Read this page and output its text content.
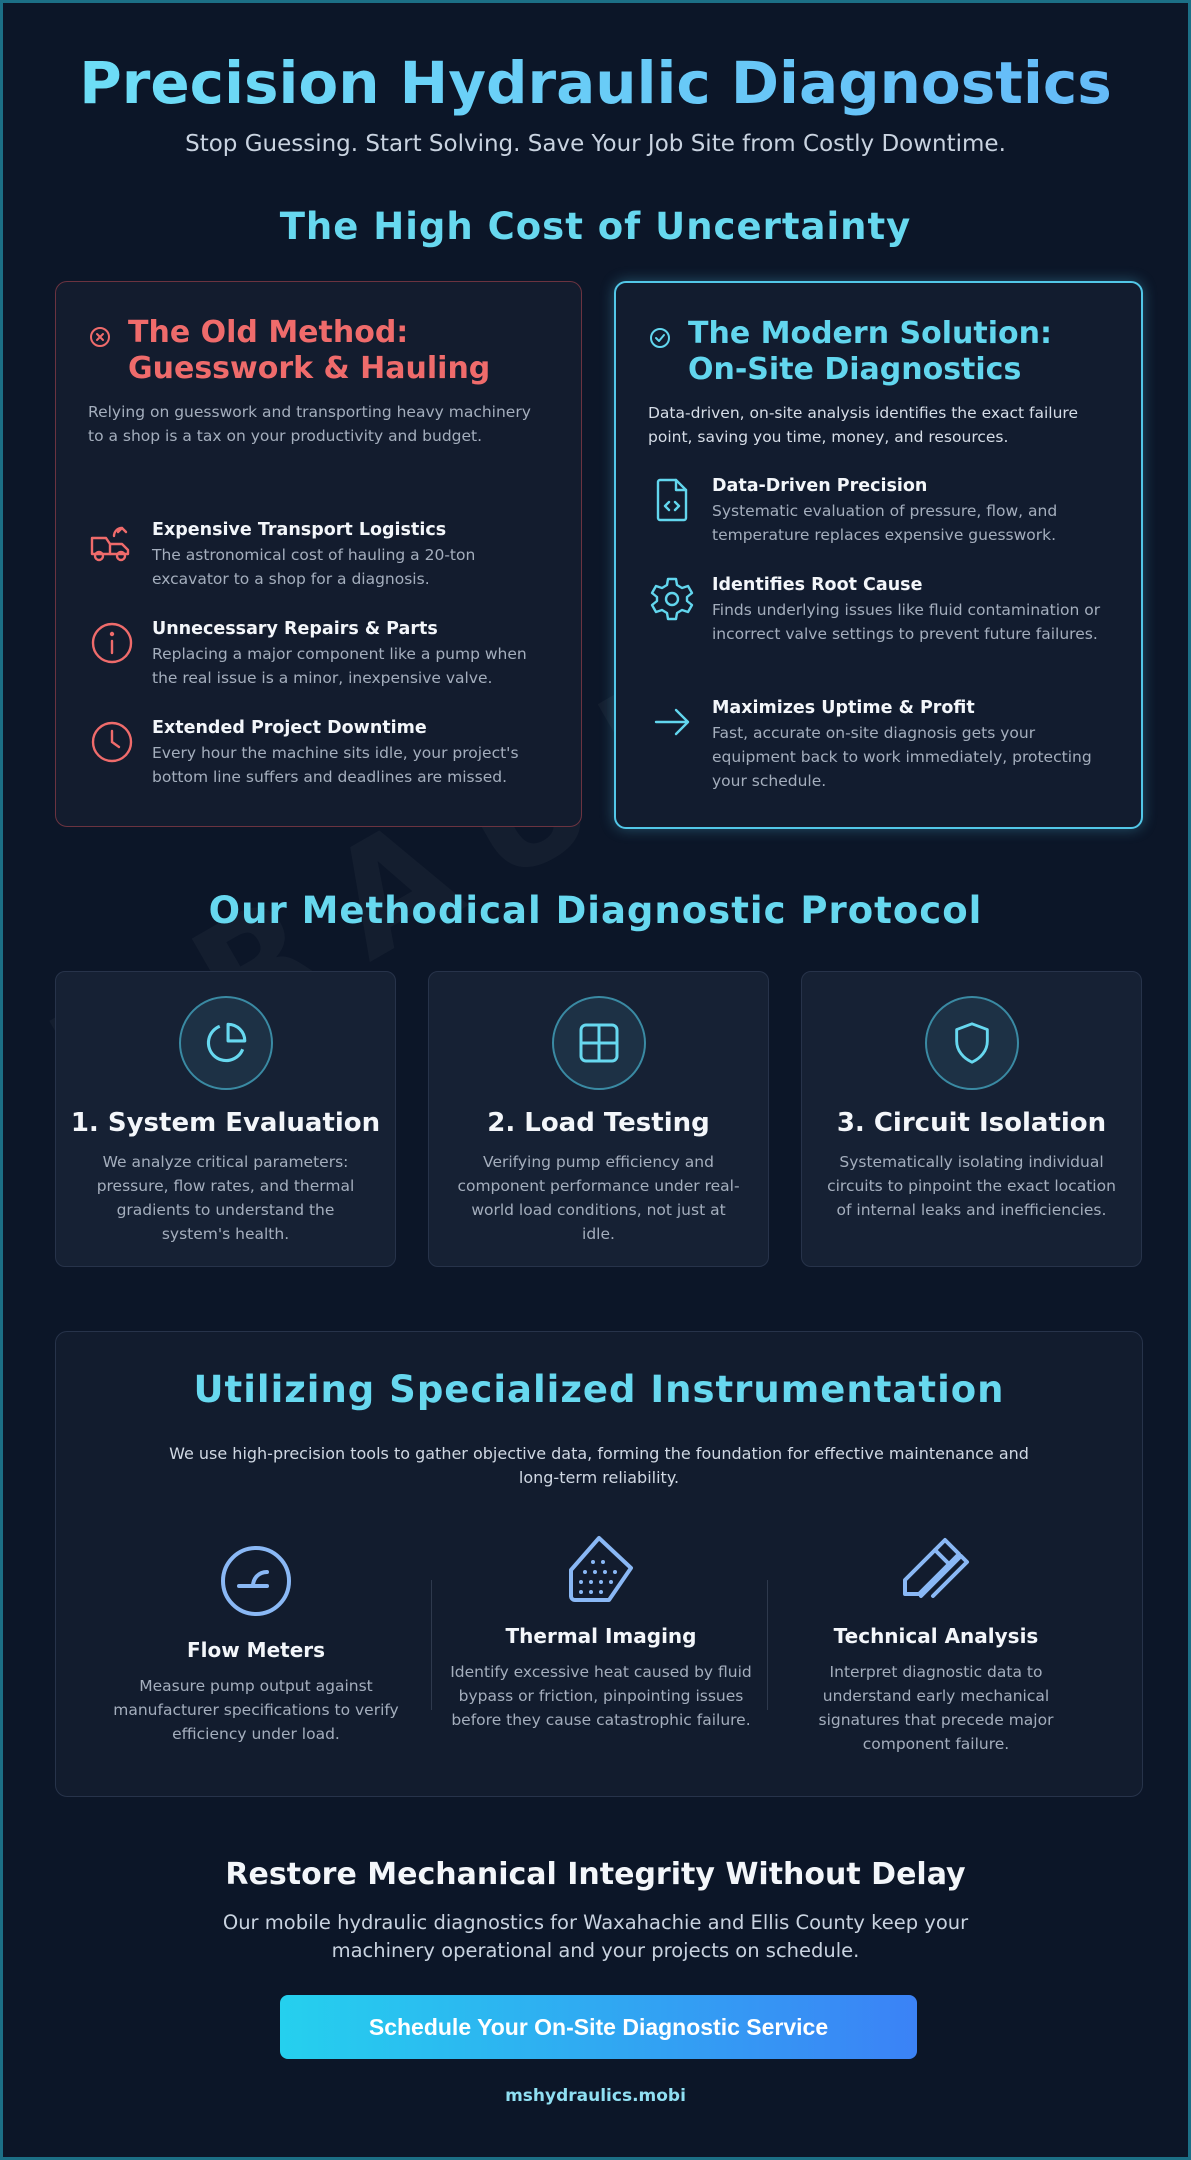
Precision Hydraulic Diagnostics

Stop Guessing. Start Solving. Save Your Job Site from Costly Downtime.

The High Cost of Uncertainty
The Old Method:
Guesswork & Hauling

Relying on guesswork and transporting heavy machinery to a shop is a tax on your productivity and budget.

Expensive Transport Logistics
The astronomical cost of hauling a 20-ton excavator to a shop for a diagnosis.
Unnecessary Repairs & Parts
Replacing a major component like a pump when the real issue is a minor, inexpensive valve.
Extended Project Downtime
Every hour the machine sits idle, your project's bottom line suffers and deadlines are missed.
The Modern Solution:
On-Site Diagnostics

Data-driven, on-site analysis identifies the exact failure point, saving you time, money, and resources.

Data-Driven Precision
Systematic evaluation of pressure, flow, and temperature replaces expensive guesswork.
Identifies Root Cause
Finds underlying issues like fluid contamination or incorrect valve settings to prevent future failures.
Maximizes Uptime & Profit
Fast, accurate on-site diagnosis gets your equipment back to work immediately, protecting your schedule.
Our Methodical Diagnostic Protocol
1. System Evaluation
We analyze critical parameters: pressure, flow rates, and thermal gradients to understand the system's health.
2. Load Testing
Verifying pump efficiency and component performance under real-world load conditions, not just at idle.
3. Circuit Isolation
Systematically isolating individual circuits to pinpoint the exact location of internal leaks and inefficiencies.
Utilizing Specialized Instrumentation

We use high-precision tools to gather objective data, forming the foundation for effective maintenance and long-term reliability.

Flow Meters
Measure pump output against manufacturer specifications to verify efficiency under load.
Thermal Imaging
Identify excessive heat caused by fluid bypass or friction, pinpointing issues before they cause catastrophic failure.
Technical Analysis
Interpret diagnostic data to understand early mechanical signatures that precede major component failure.
Restore Mechanical Integrity Without Delay

Our mobile hydraulic diagnostics for Waxahachie and Ellis County keep your machinery operational and your projects on schedule.

Schedule Your On-Site Diagnostic Service
mshydraulics.mobi
